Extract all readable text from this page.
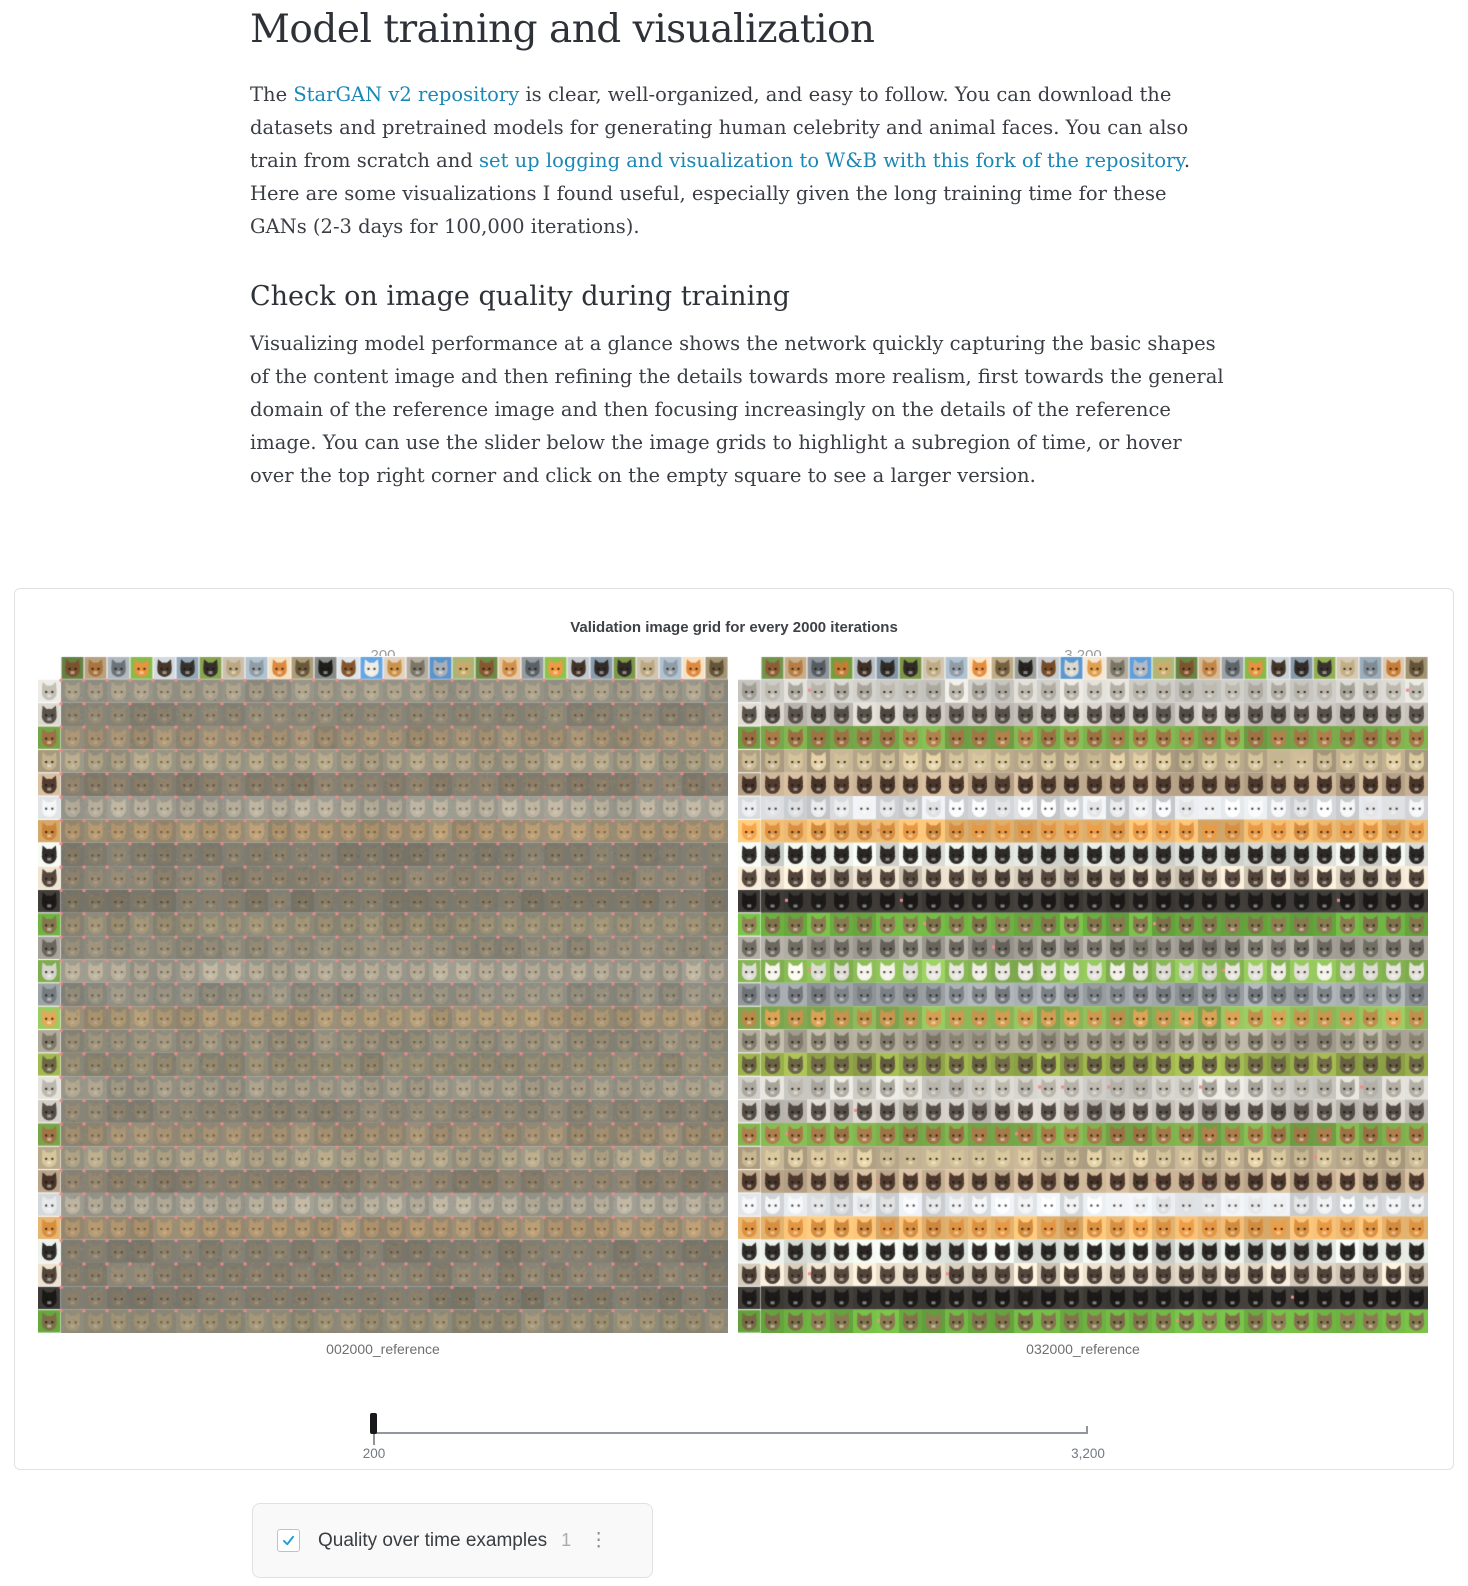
Model training and visualization

The StarGAN v2 repository is clear, well-organized, and easy to follow. You can download the datasets and pretrained models for generating human celebrity and animal faces. You can also train from scratch and set up logging and visualization to W&B with this fork of the repository. Here are some visualizations I found useful, especially given the long training time for these GANs (2-3 days for 100,000 iterations).

Check on image quality during training

Visualizing model performance at a glance shows the network quickly capturing the basic shapes of the content image and then refining the details towards more realism, first towards the general domain of the reference image and then focusing increasingly on the details of the reference image. You can use the slider below the image grids to highlight a subregion of time, or hover over the top right corner and click on the empty square to see a larger version.

Validation image grid for every 2000 iterations
002000_reference	032000_reference
200	3,200
Quality over time examples 1 ⋮
